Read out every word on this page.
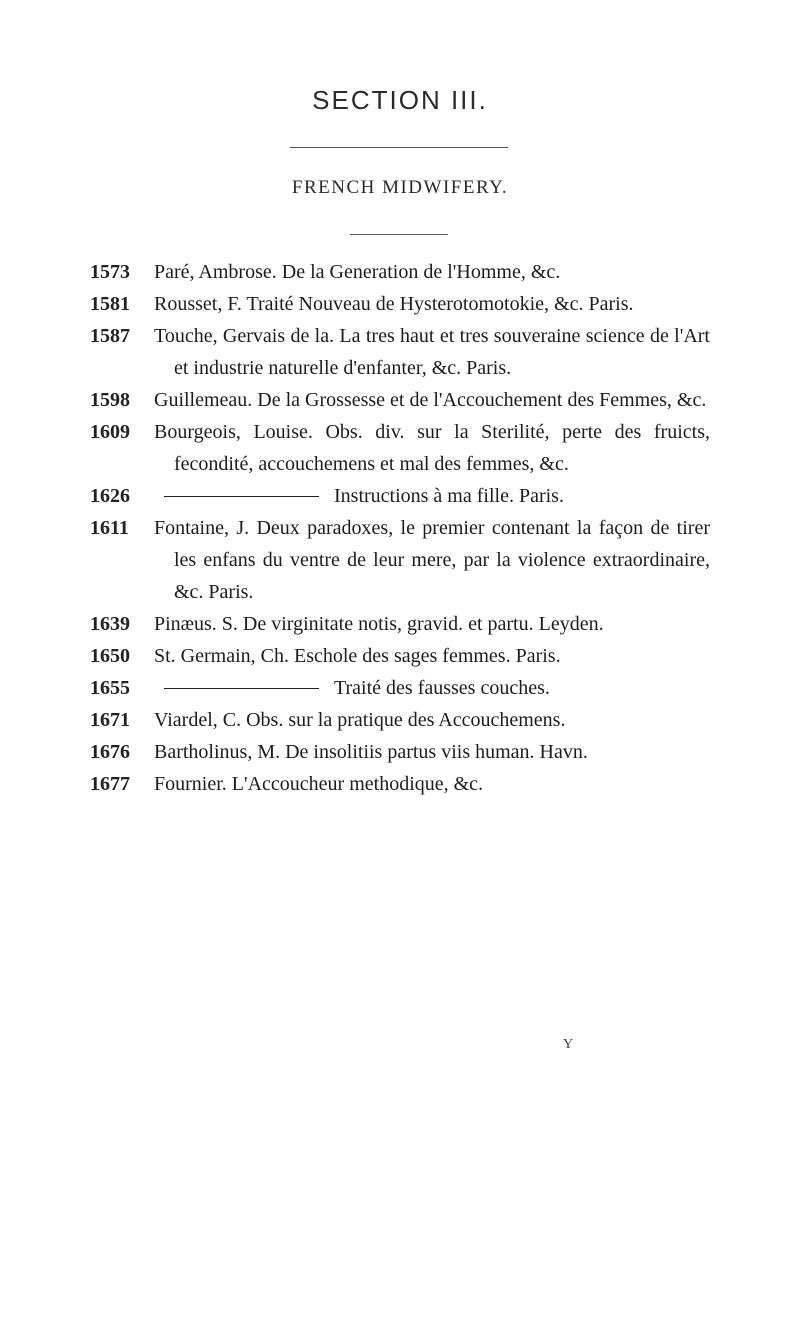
SECTION III.
FRENCH MIDWIFERY.
1573	Paré, Ambrose. De la Generation de l'Homme, &c.
1581	Rousset, F. Traité Nouveau de Hysterotomotokie, &c. Paris.
1587	Touche, Gervais de la. La tres haut et tres souveraine science de l'Art et industrie naturelle d'enfanter, &c. Paris.
1598	Guillemeau. De la Grossesse et de l'Accouchement des Femmes, &c.
1609	Bourgeois, Louise. Obs. div. sur la Sterilité, perte des fruicts, fecondité, accouchemens et mal des femmes, &c.
1626	Instructions à ma fille. Paris.
1611	Fontaine, J. Deux paradoxes, le premier contenant la façon de tirer les enfans du ventre de leur mere, par la violence extraordinaire, &c. Paris.
1639	Pinæus. S. De virginitate notis, gravid. et partu. Leyden.
1650	St. Germain, Ch. Eschole des sages femmes. Paris.
1655	Traité des fausses couches.
1671	Viardel, C. Obs. sur la pratique des Accouchemens.
1676	Bartholinus, M. De insolitiis partus viis human. Havn.
1677	Fournier. L'Accoucheur methodique, &c.
Y
